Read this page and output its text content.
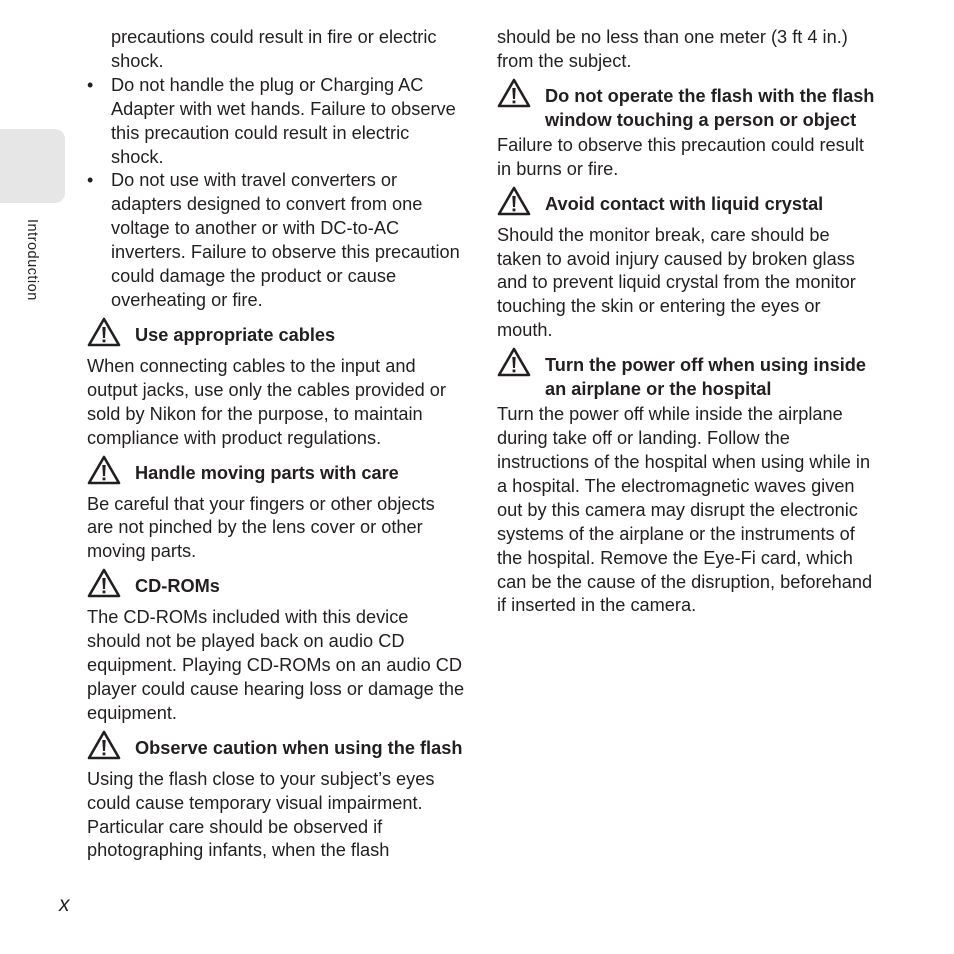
Introduction

precautions could result in fire or electric shock.

• Do not handle the plug or Charging AC Adapter with wet hands. Failure to observe this precaution could result in electric shock.
• Do not use with travel converters or adapters designed to convert from one voltage to another or with DC-to-AC inverters. Failure to observe this precaution could damage the product or cause overheating or fire.
Use appropriate cables

When connecting cables to the input and output jacks, use only the cables provided or sold by Nikon for the purpose, to maintain compliance with product regulations.

Handle moving parts with care

Be careful that your fingers or other objects are not pinched by the lens cover or other moving parts.

CD-ROMs

The CD-ROMs included with this device should not be played back on audio CD equipment. Playing CD-ROMs on an audio CD player could cause hearing loss or damage the equipment.

Observe caution when using the flash

Using the flash close to your subject’s eyes could cause temporary visual impairment. Particular care should be observed if photographing infants, when the flash

should be no less than one meter (3 ft 4 in.) from the subject.

Do not operate the flash with the flash window touching a person or object

Failure to observe this precaution could result in burns or fire.

Avoid contact with liquid crystal

Should the monitor break, care should be taken to avoid injury caused by broken glass and to prevent liquid crystal from the monitor touching the skin or entering the eyes or mouth.

Turn the power off when using inside an airplane or the hospital

Turn the power off while inside the airplane during take off or landing. Follow the instructions of the hospital when using while in a hospital. The electromagnetic waves given out by this camera may disrupt the electronic systems of the airplane or the instruments of the hospital. Remove the Eye-Fi card, which can be the cause of the disruption, beforehand if inserted in the camera.

x
